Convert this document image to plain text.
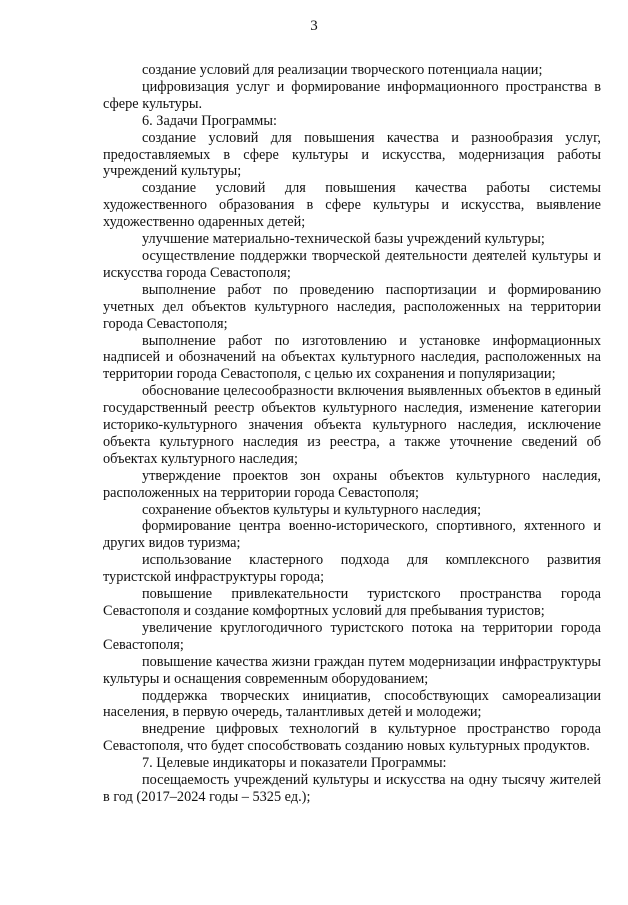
3

создание условий для реализации творческого потенциала нации;

цифровизация услуг и формирование информационного пространства в сфере культуры.

6. Задачи Программы:

создание условий для повышения качества и разнообразия услуг, предоставляемых в сфере культуры и искусства, модернизация работы учреждений культуры;

создание условий для повышения качества работы системы художественного образования в сфере культуры и искусства, выявление художественно одаренных детей;

улучшение материально-технической базы учреждений культуры;

осуществление поддержки творческой деятельности деятелей культуры и искусства города Севастополя;

выполнение работ по проведению паспортизации и формированию учетных дел объектов культурного наследия, расположенных на территории города Севастополя;

выполнение работ по изготовлению и установке информационных надписей и обозначений на объектах культурного наследия, расположенных на территории города Севастополя, с целью их сохранения и популяризации;

обоснование целесообразности включения выявленных объектов в единый государственный реестр объектов культурного наследия, изменение категории историко-культурного значения объекта культурного наследия, исключение объекта культурного наследия из реестра, а также уточнение сведений об объектах культурного наследия;

утверждение проектов зон охраны объектов культурного наследия, расположенных на территории города Севастополя;

сохранение объектов культуры и культурного наследия;

формирование центра военно-исторического, спортивного, яхтенного и других видов туризма;

использование кластерного подхода для комплексного развития туристской инфраструктуры города;

повышение привлекательности туристского пространства города Севастополя и создание комфортных условий для пребывания туристов;

увеличение круглогодичного туристского потока на территории города Севастополя;

повышение качества жизни граждан путем модернизации инфраструктуры культуры и оснащения современным оборудованием;

поддержка творческих инициатив, способствующих самореализации населения, в первую очередь, талантливых детей и молодежи;

внедрение цифровых технологий в культурное пространство города Севастополя, что будет способствовать созданию новых культурных продуктов.

7. Целевые индикаторы и показатели Программы:

посещаемость учреждений культуры и искусства на одну тысячу жителей в год (2017–2024 годы – 5325 ед.);
